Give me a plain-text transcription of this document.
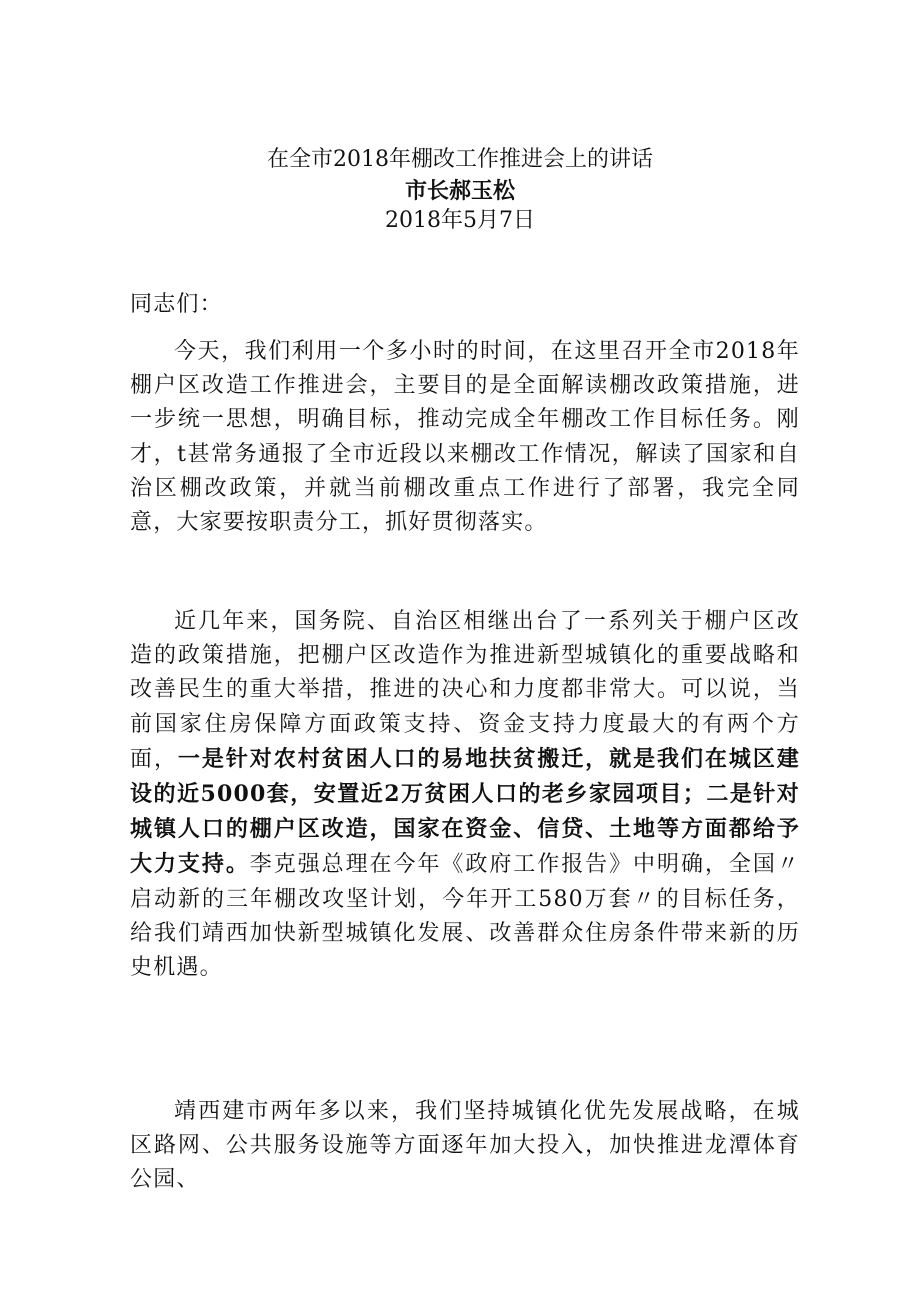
在全市2018年棚改工作推进会上的讲话
市长郝玉松
2018年5月7日

同志们：

今天，我们利用一个多小时的时间，在这里召开全市2018年棚户区改造工作推进会，主要目的是全面解读棚改政策措施，进一步统一思想，明确目标，推动完成全年棚改工作目标任务。刚才，t甚常务通报了全市近段以来棚改工作情况，解读了国家和自治区棚改政策，并就当前棚改重点工作进行了部署，我完全同意，大家要按职责分工，抓好贯彻落实。

近几年来，国务院、自治区相继出台了一系列关于棚户区改造的政策措施，把棚户区改造作为推进新型城镇化的重要战略和改善民生的重大举措，推进的决心和力度都非常大。可以说，当前国家住房保障方面政策支持、资金支持力度最大的有两个方面，一是针对农村贫困人口的易地扶贫搬迁，就是我们在城区建设的近5000套，安置近2万贫困人口的老乡家园项目；二是针对城镇人口的棚户区改造，国家在资金、信贷、土地等方面都给予大力支持。李克强总理在今年《政府工作报告》中明确，全国〃启动新的三年棚改攻坚计划，今年开工580万套〃的目标任务，给我们靖西加快新型城镇化发展、改善群众住房条件带来新的历史机遇。

靖西建市两年多以来，我们坚持城镇化优先发展战略，在城区路网、公共服务设施等方面逐年加大投入，加快推进龙潭体育公园、
